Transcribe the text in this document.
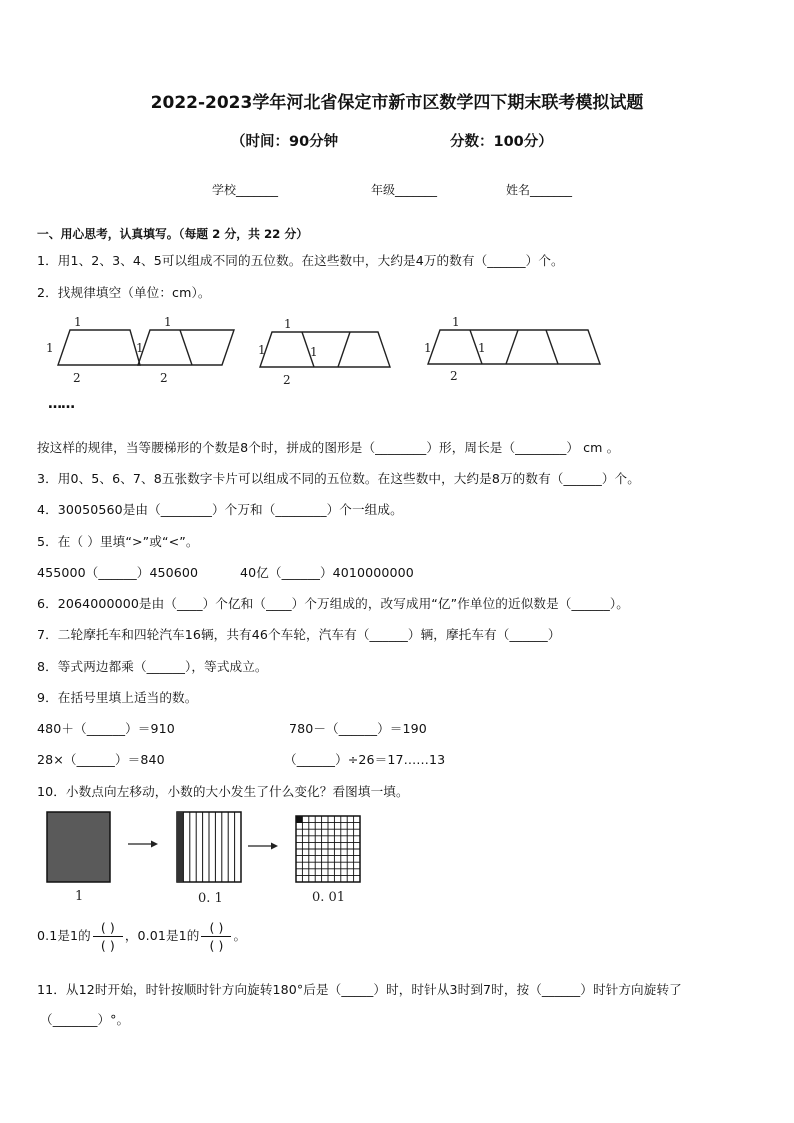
2022-2023学年河北省保定市新市区数学四下期末联考模拟试题
（时间：90分钟	分数：100分）
学校_______	年级_______	姓名_______
一、用心思考，认真填写。（每题 2 分，共 22 分）
1．用1、2、3、4、5可以组成不同的五位数。在这些数中，大约是4万的数有（______）个。
2．找规律填空（单位：cm）。
1
1
2
1
1
2
1
1	1
2
1
1	1
2
……
按这样的规律，当等腰梯形的个数是8个时，拼成的图形是（________）形，周长是（________） cm 。
3．用0、5、6、7、8五张数字卡片可以组成不同的五位数。在这些数中，大约是8万的数有（______）个。
4．30050560是由（________）个万和（________）个一组成。
5．在（ ）里填“>”或“<”。
455000（______）450600	40亿（______）4010000000
6．2064000000是由（____）个亿和（____）个万组成的，改写成用“亿”作单位的近似数是（______）。
7．二轮摩托车和四轮汽车16辆，共有46个车轮，汽车有（______）辆，摩托车有（______）
8．等式两边都乘（______），等式成立。
9．在括号里填上适当的数。
480＋（______）＝910	780－（______）＝190
28×（______）＝840	（______）÷26＝17……13
10．小数点向左移动，小数的大小发生了什么变化？看图填一填。
1	0. 1	0. 01
0.1是1的 $\frac{( )}{( )}$ ，0.01是1的 $\frac{( )}{( )}$ 。
11．从12时开始，时针按顺时针方向旋转180°后是（_____）时，时针从3时到7时，按（______）时针方向旋转了
（_______）°。
